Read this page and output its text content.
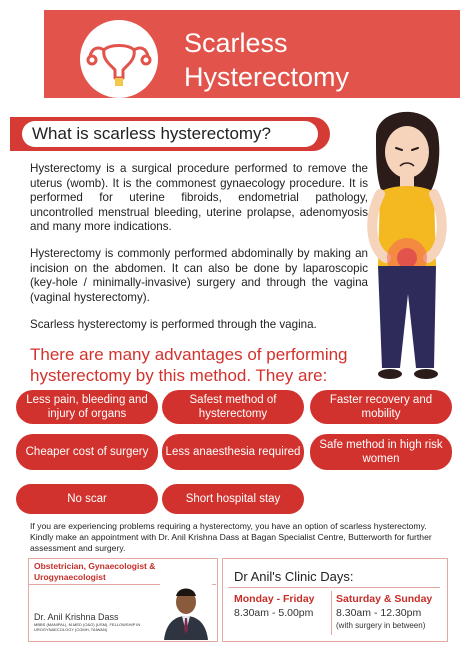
Scarless
Hysterectomy
What is scarless hysterectomy?
Hysterectomy is a surgical procedure performed to remove the uterus (womb). It is the commonest gynaecology procedure. It is performed for uterine fibroids, endometrial pathology, uncontrolled menstrual bleeding, uterine prolapse, adenomyosis and many more indications.
Hysterectomy is commonly performed abdominally by making an incision on the abdomen. It can also be done by laparoscopic (key-hole / minimally-invasive) surgery and through the vagina (vaginal hysterectomy).
Scarless hysterectomy is performed through the vagina.
There are many advantages of performing
hysterectomy by this method. They are:
Less pain, bleeding and injury of organs
Safest method of hysterectomy
Faster recovery and mobility
Cheaper cost of surgery	Less anaesthesia required
Safe method in high risk women
No scar	Short hospital stay
If you are experiencing problems requiring a hysterectomy, you have an option of scarless hysterectomy. Kindly make an appointment with Dr. Anil Krishna Dass at Bagan Specialist Centre, Butterworth for further assessment and surgery.
Obstetrician, Gynaecologist & Urogynaecologist
Dr. Anil Krishna Dass
MBBS (MANIPAL), M.MED (O&G) (USM), FELLOWSHIP IN UROGYNAECOLOGY (CGMH, TAIWAN)
Dr Anil's Clinic Days:
Monday - Friday
8.30am - 5.00pm
Saturday & Sunday
8.30am - 12.30pm
(with surgery in between)
